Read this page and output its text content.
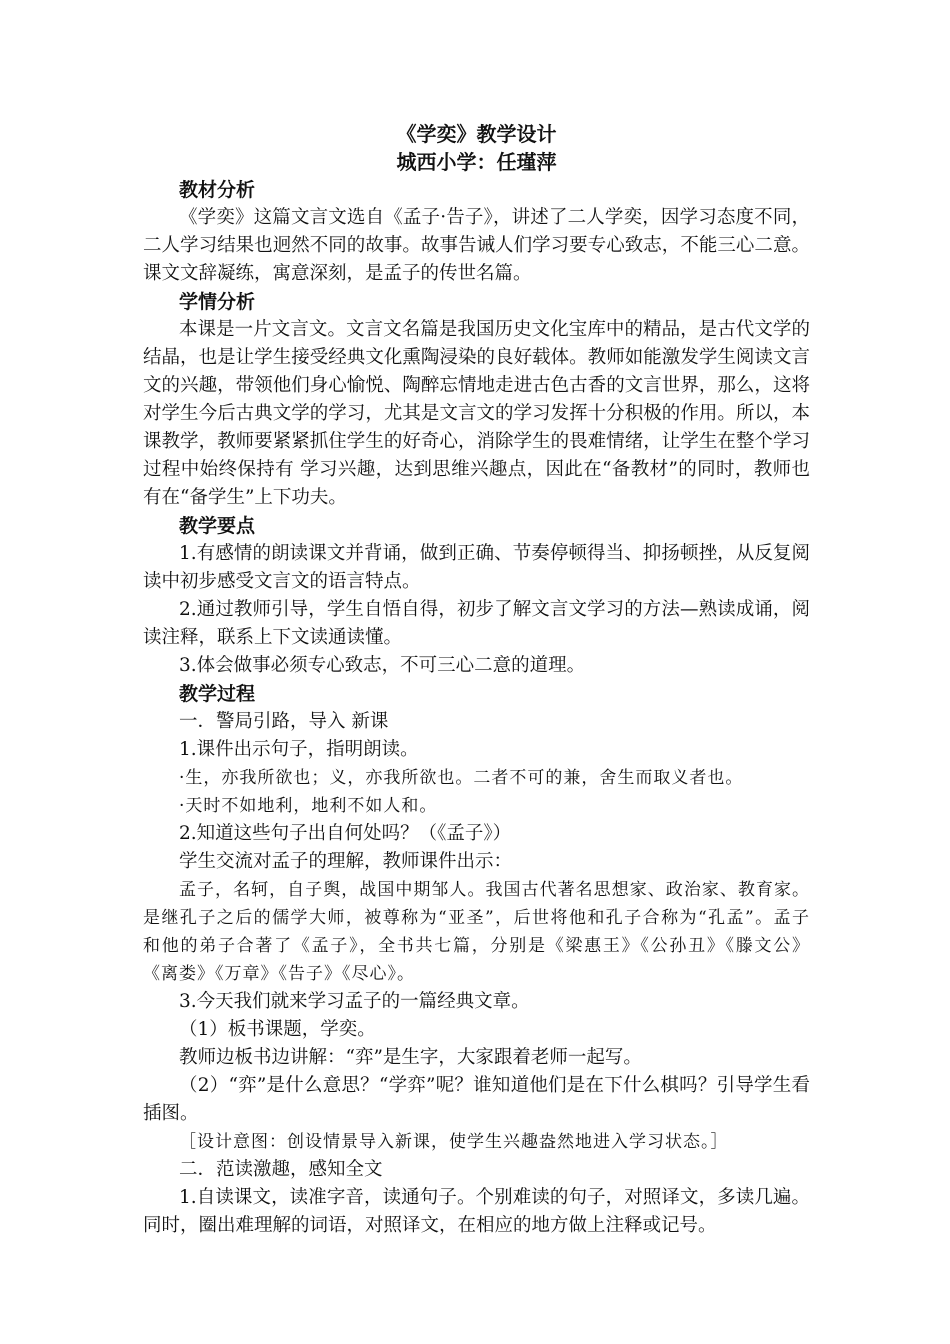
《学奕》教学设计
城西小学：任瑾萍
教材分析

《学奕》这篇文言文选自《孟子·告子》，讲述了二人学奕，因学习态度不同，二人学习结果也迥然不同的故事。故事告诫人们学习要专心致志，不能三心二意。课文文辞凝练，寓意深刻，是孟子的传世名篇。

学情分析

本课是一片文言文。文言文名篇是我国历史文化宝库中的精品，是古代文学的结晶，也是让学生接受经典文化熏陶浸染的良好载体。教师如能激发学生阅读文言文的兴趣，带领他们身心愉悦、陶醉忘情地走进古色古香的文言世界，那么，这将对学生今后古典文学的学习，尤其是文言文的学习发挥十分积极的作用。所以，本课教学，教师要紧紧抓住学生的好奇心，消除学生的畏难情绪，让学生在整个学习过程中始终保持有 学习兴趣，达到思维兴趣点，因此在“备教材”的同时，教师也有在“备学生”上下功夫。

教学要点

1.有感情的朗读课文并背诵，做到正确、节奏停顿得当、抑扬顿挫，从反复阅读中初步感受文言文的语言特点。

2.通过教师引导，学生自悟自得，初步了解文言文学习的方法—熟读成诵，阅读注释，联系上下文读通读懂。

3.体会做事必须专心致志，不可三心二意的道理。

教学过程

一．警局引路，导入 新课

1.课件出示句子，指明朗读。

·生，亦我所欲也；义，亦我所欲也。二者不可的兼，舍生而取义者也。

·天时不如地利，地利不如人和。

2.知道这些句子出自何处吗？（《孟子》）

学生交流对孟子的理解，教师课件出示：

孟子，名轲，自子舆，战国中期邹人。我国古代著名思想家、政治家、教育家。是继孔子之后的儒学大师，被尊称为“亚圣”，后世将他和孔子合称为“孔孟”。孟子和他的弟子合著了《孟子》，全书共七篇，分别是《梁惠王》《公孙丑》《滕文公》《离娄》《万章》《告子》《尽心》。

3.今天我们就来学习孟子的一篇经典文章。

（1）板书课题，学奕。

教师边板书边讲解：“弈”是生字，大家跟着老师一起写。

（2）“弈”是什么意思？“学弈”呢？谁知道他们是在下什么棋吗？引导学生看插图。

［设计意图：创设情景导入新课，使学生兴趣盎然地进入学习状态。］

二．范读激趣，感知全文

1.自读课文，读准字音，读通句子。个别难读的句子，对照译文，多读几遍。同时，圈出难理解的词语，对照译文，在相应的地方做上注释或记号。
